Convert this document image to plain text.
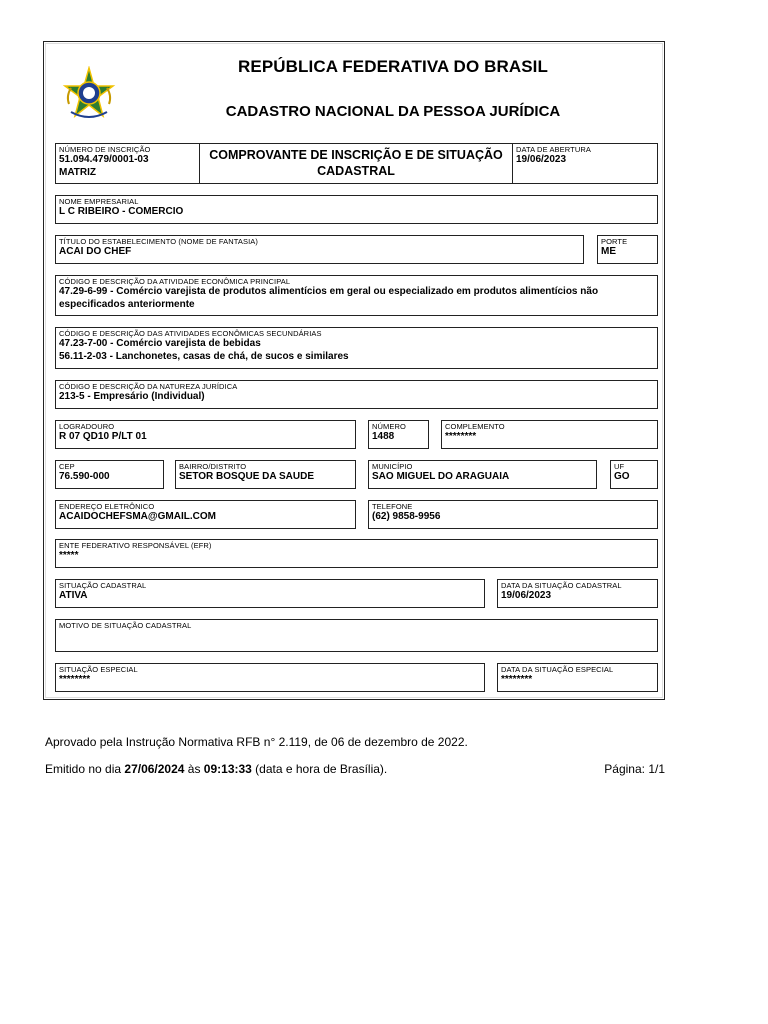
REPÚBLICA FEDERATIVA DO BRASIL
CADASTRO NACIONAL DA PESSOA JURÍDICA
NÚMERO DE INSCRIÇÃO
51.094.479/0001-03
MATRIZ
COMPROVANTE DE INSCRIÇÃO E DE SITUAÇÃO
CADASTRAL
DATA DE ABERTURA
19/06/2023
NOME EMPRESARIAL
L C RIBEIRO - COMERCIO
TÍTULO DO ESTABELECIMENTO (NOME DE FANTASIA)
ACAI DO CHEF
PORTE
ME
CÓDIGO E DESCRIÇÃO DA ATIVIDADE ECONÔMICA PRINCIPAL
47.29-6-99 - Comércio varejista de produtos alimentícios em geral ou especializado em produtos alimentícios não
especificados anteriormente
CÓDIGO E DESCRIÇÃO DAS ATIVIDADES ECONÔMICAS SECUNDÁRIAS
47.23-7-00 - Comércio varejista de bebidas
56.11-2-03 - Lanchonetes, casas de chá, de sucos e similares
CÓDIGO E DESCRIÇÃO DA NATUREZA JURÍDICA
213-5 - Empresário (Individual)
LOGRADOURO
R 07 QD10 P/LT 01
NÚMERO
1488
COMPLEMENTO
********
CEP
76.590-000
BAIRRO/DISTRITO
SETOR BOSQUE DA SAUDE
MUNICÍPIO
SAO MIGUEL DO ARAGUAIA
UF
GO
ENDEREÇO ELETRÔNICO
ACAIDOCHEFSMA@GMAIL.COM
TELEFONE
(62) 9858-9956
ENTE FEDERATIVO RESPONSÁVEL (EFR)
*****
SITUAÇÃO CADASTRAL
ATIVA
DATA DA SITUAÇÃO CADASTRAL
19/06/2023
MOTIVO DE SITUAÇÃO CADASTRAL
SITUAÇÃO ESPECIAL
********
DATA DA SITUAÇÃO ESPECIAL
********
Aprovado pela Instrução Normativa RFB n° 2.119, de 06 de dezembro de 2022.
Emitido no dia 27/06/2024 às 09:13:33 (data e hora de Brasília).	Página: 1/1
